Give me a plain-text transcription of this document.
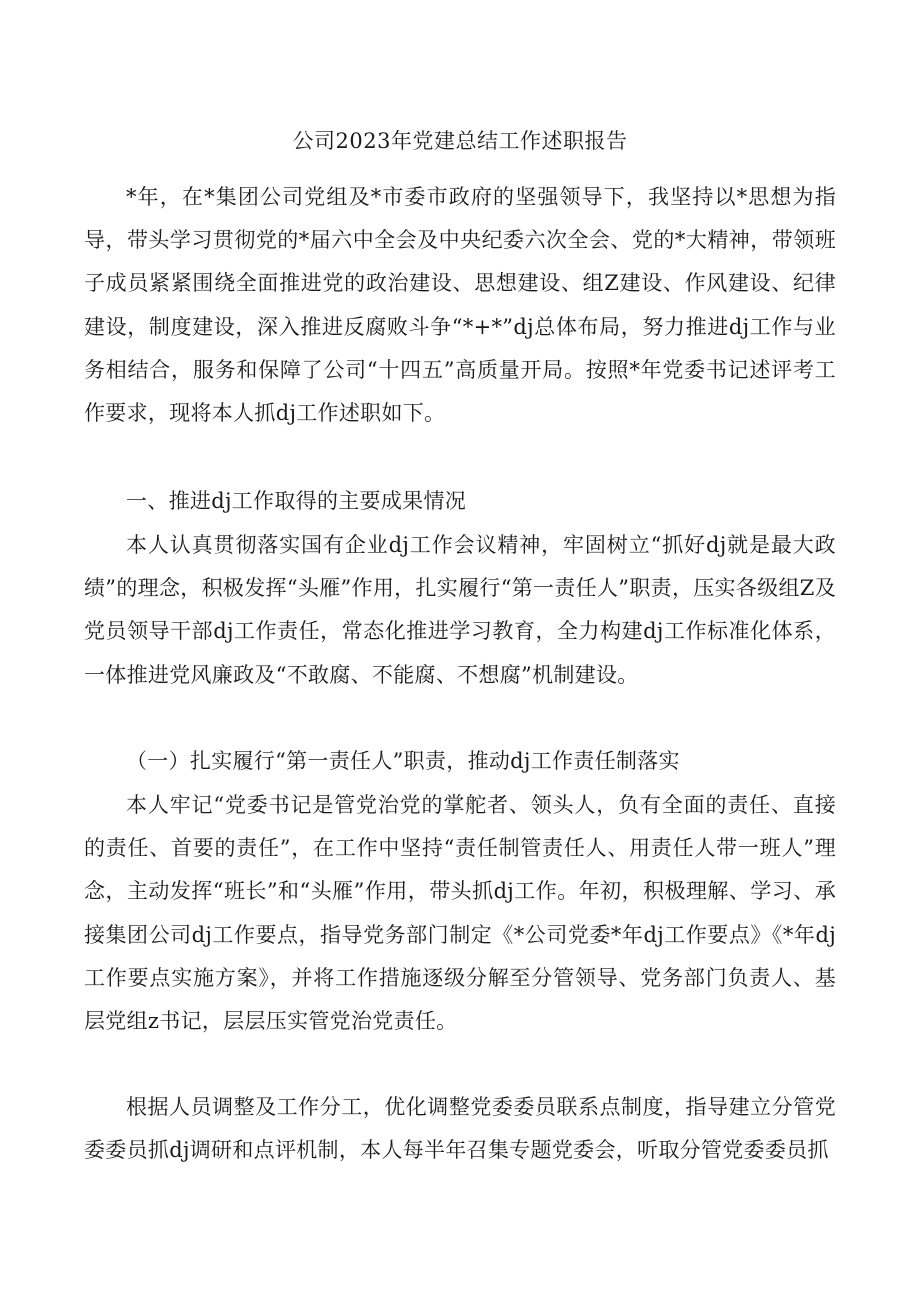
公司2023年党建总结工作述职报告
*年，在*集团公司党组及*市委市政府的坚强领导下，我坚持以*思想为指导，带头学习贯彻党的*届六中全会及中央纪委六次全会、党的*大精神，带领班子成员紧紧围绕全面推进党的政治建设、思想建设、组Z建设、作风建设、纪律建设，制度建设，深入推进反腐败斗争“*+*”dj总体布局，努力推进dj工作与业务相结合，服务和保障了公司“十四五”高质量开局。按照*年党委书记述评考工作要求，现将本人抓dj工作述职如下。
一、推进dj工作取得的主要成果情况
本人认真贯彻落实国有企业dj工作会议精神，牢固树立“抓好dj就是最大政绩”的理念，积极发挥“头雁”作用，扎实履行“第一责任人”职责，压实各级组Z及党员领导干部dj工作责任，常态化推进学习教育，全力构建dj工作标准化体系，一体推进党风廉政及“不敢腐、不能腐、不想腐”机制建设。
（一）扎实履行“第一责任人”职责，推动dj工作责任制落实
本人牢记“党委书记是管党治党的掌舵者、领头人，负有全面的责任、直接的责任、首要的责任”，在工作中坚持“责任制管责任人、用责任人带一班人”理念，主动发挥“班长”和“头雁”作用，带头抓dj工作。年初，积极理解、学习、承接集团公司dj工作要点，指导党务部门制定《*公司党委*年dj工作要点》《*年dj工作要点实施方案》，并将工作措施逐级分解至分管领导、党务部门负责人、基层党组z书记，层层压实管党治党责任。
根据人员调整及工作分工，优化调整党委委员联系点制度，指导建立分管党委委员抓dj调研和点评机制，本人每半年召集专题党委会，听取分管党委委员抓
